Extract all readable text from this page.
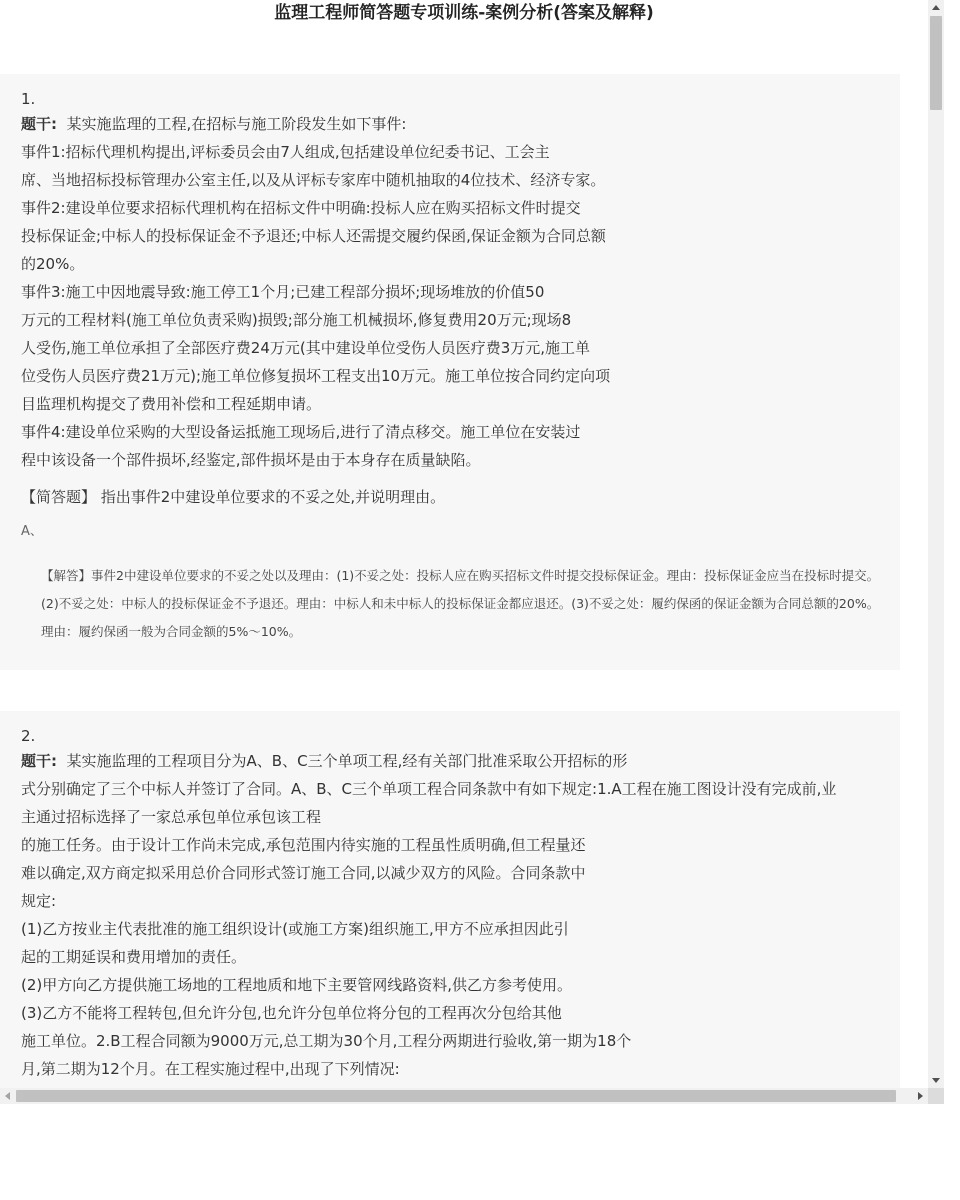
监理工程师简答题专项训练-案例分析(答案及解释)
1.

题干: 某实施监理的工程,在招标与施工阶段发生如下事件:

事件1:招标代理机构提出,评标委员会由7人组成,包括建设单位纪委书记、工会主

席、当地招标投标管理办公室主任,以及从评标专家库中随机抽取的4位技术、经济专家。

事件2:建设单位要求招标代理机构在招标文件中明确:投标人应在购买招标文件时提交

投标保证金;中标人的投标保证金不予退还;中标人还需提交履约保函,保证金额为合同总额

的20%。

事件3:施工中因地震导致:施工停工1个月;已建工程部分损坏;现场堆放的价值50

万元的工程材料(施工单位负责采购)损毁;部分施工机械损坏,修复费用20万元;现场8

人受伤,施工单位承担了全部医疗费24万元(其中建设单位受伤人员医疗费3万元,施工单

位受伤人员医疗费21万元);施工单位修复损坏工程支出10万元。施工单位按合同约定向项

目监理机构提交了费用补偿和工程延期申请。

事件4:建设单位采购的大型设备运抵施工现场后,进行了清点移交。施工单位在安装过

程中该设备一个部件损坏,经鉴定,部件损坏是由于本身存在质量缺陷。

【简答题】 指出事件2中建设单位要求的不妥之处,并说明理由。
A、
【解答】事件2中建设单位要求的不妥之处以及理由：(1)不妥之处：投标人应在购买招标文件时提交投标保证金。理由：投标保证金应当在投标时提交。(2)不妥之处：中标人的投标保证金不予退还。理由：中标人和未中标人的投标保证金都应退还。(3)不妥之处：履约保函的保证金额为合同总额的20%。理由：履约保函一般为合同金额的5%～10%。
2.

题干: 某实施监理的工程项目分为A、B、C三个单项工程,经有关部门批准采取公开招标的形

式分别确定了三个中标人并签订了合同。A、B、C三个单项工程合同条款中有如下规定:1.A工程在施工图设计没有完成前,业

主通过招标选择了一家总承包单位承包该工程

的施工任务。由于设计工作尚未完成,承包范围内待实施的工程虽性质明确,但工程量还

难以确定,双方商定拟采用总价合同形式签订施工合同,以减少双方的风险。合同条款中

规定:

(1)乙方按业主代表批准的施工组织设计(或施工方案)组织施工,甲方不应承担因此引

起的工期延误和费用增加的责任。

(2)甲方向乙方提供施工场地的工程地质和地下主要管网线路资料,供乙方参考使用。

(3)乙方不能将工程转包,但允许分包,也允许分包单位将分包的工程再次分包给其他

施工单位。2.B工程合同额为9000万元,总工期为30个月,工程分两期进行验收,第一期为18个

月,第二期为12个月。在工程实施过程中,出现了下列情况:
